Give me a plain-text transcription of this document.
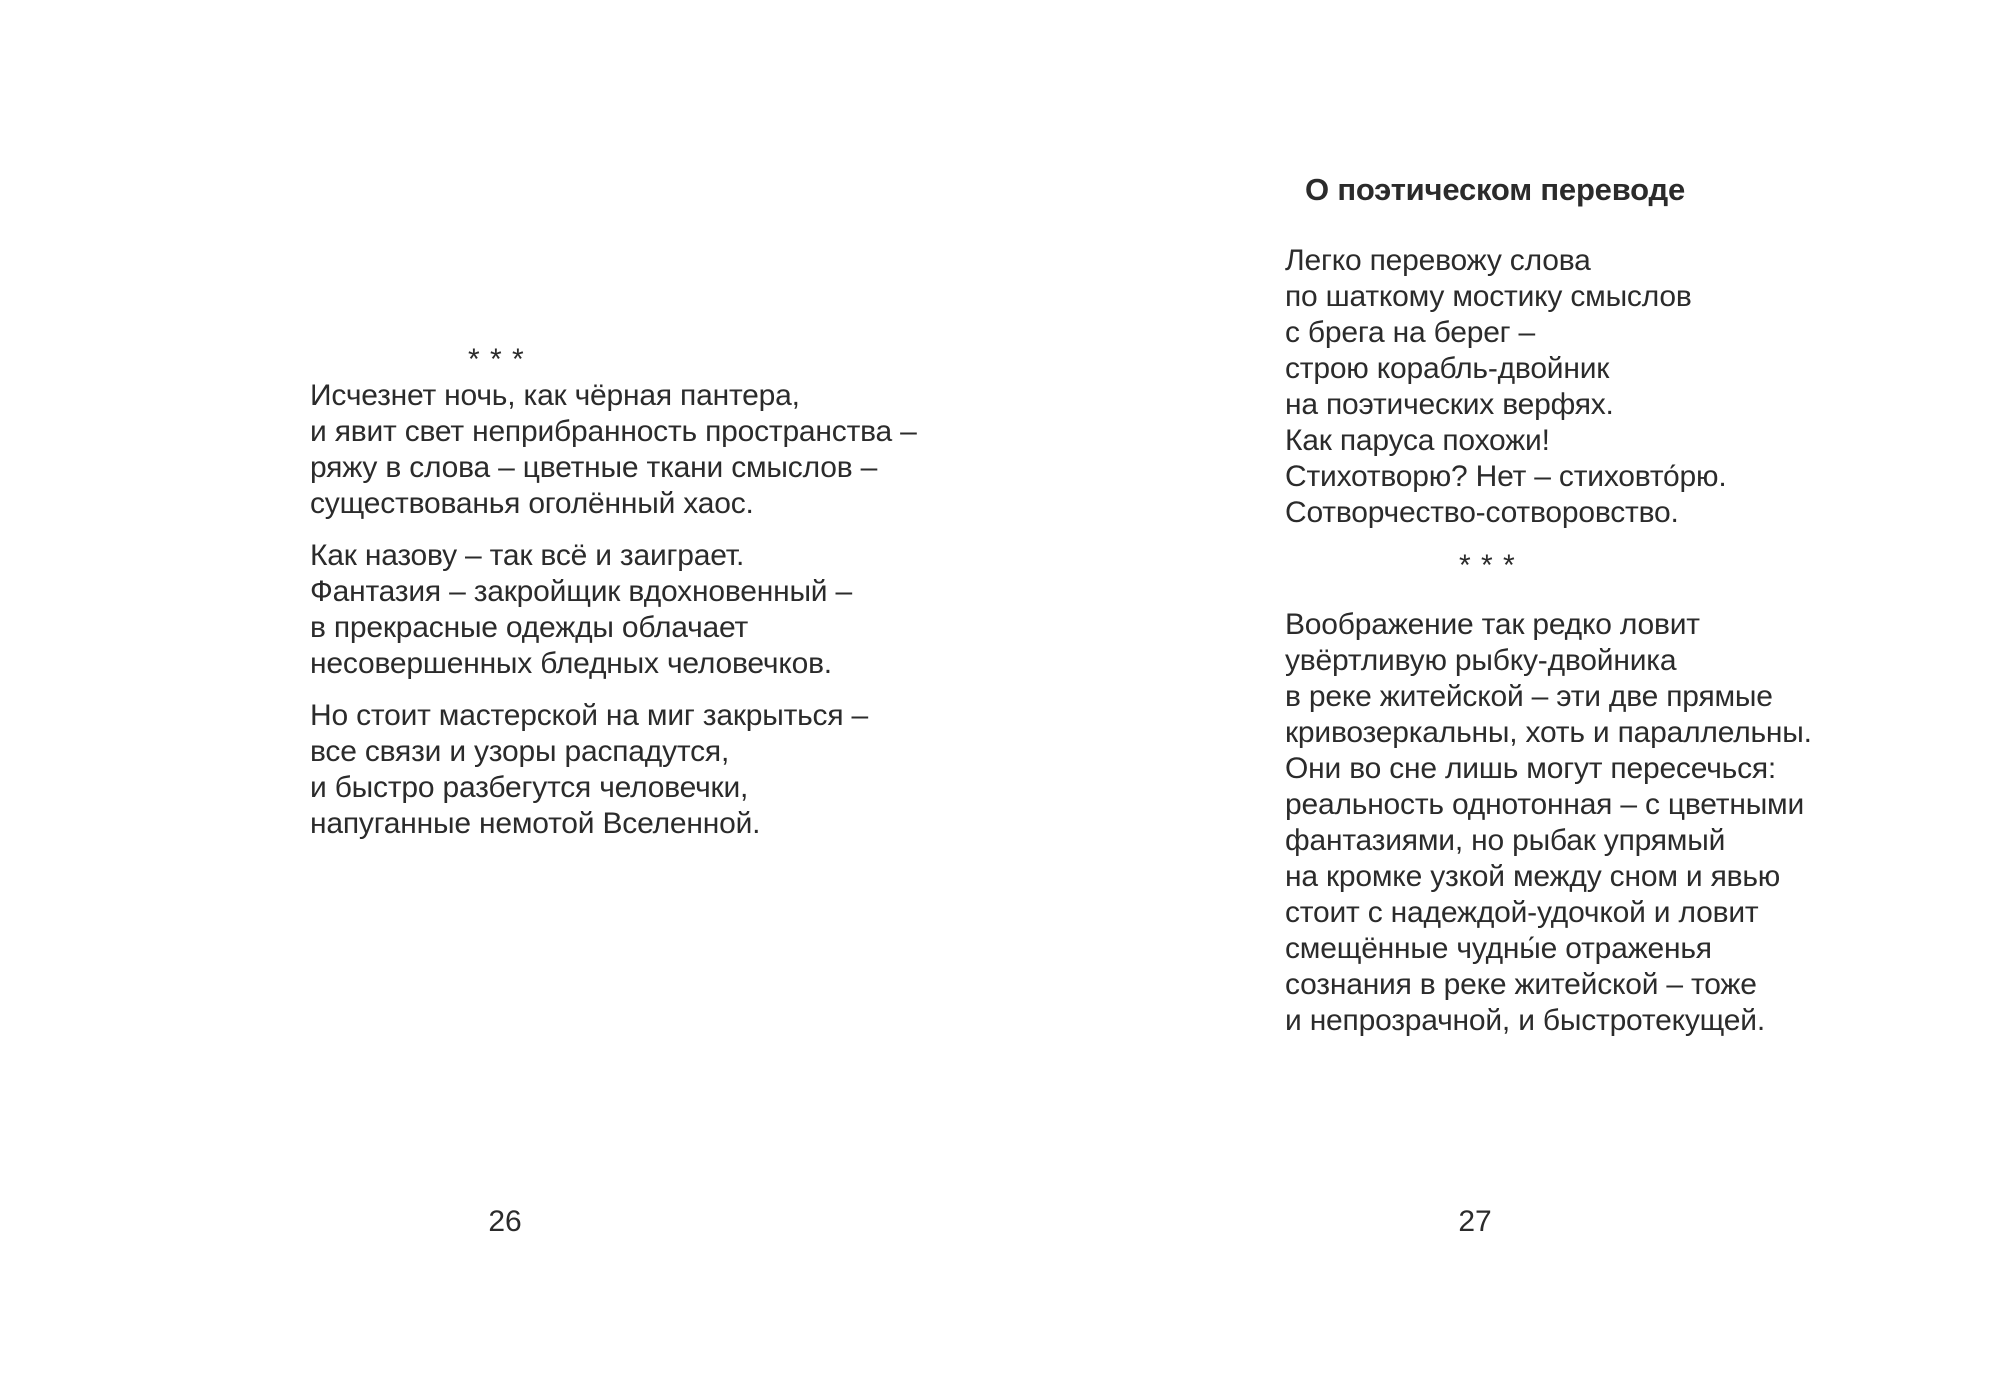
* * *
Исчезнет ночь, как чёрная пантера,
и явит свет неприбранность пространства –
ряжу в слова – цветные ткани смыслов –
существованья оголённый хаос.
Как назову – так всё и заиграет.
Фантазия – закройщик вдохновенный –
в прекрасные одежды облачает
несовершенных бледных человечков.
Но стоит мастерской на миг закрыться –
все связи и узоры распадутся,
и быстро разбегутся человечки,
напуганные немотой Вселенной.
26
О поэтическом переводе
Легко перевожу слова
по шаткому мостику смыслов
с брега на берег –
строю корабль-двойник
на поэтических верфях.
Как паруса похожи!
Стихотворю? Нет – стиховто́рю.
Сотворчество-сотворовство.
* * *
Воображение так редко ловит
увёртливую рыбку-двойника
в реке житейской – эти две прямые
кривозеркальны, хоть и параллельны.
Они во сне лишь могут пересечься:
реальность однотонная – с цветными
фантазиями, но рыбак упрямый
на кромке узкой между сном и явью
стоит с надеждой-удочкой и ловит
смещённые чудны́е отраженья
сознания в реке житейской – тоже
и непрозрачной, и быстротекущей.
27
